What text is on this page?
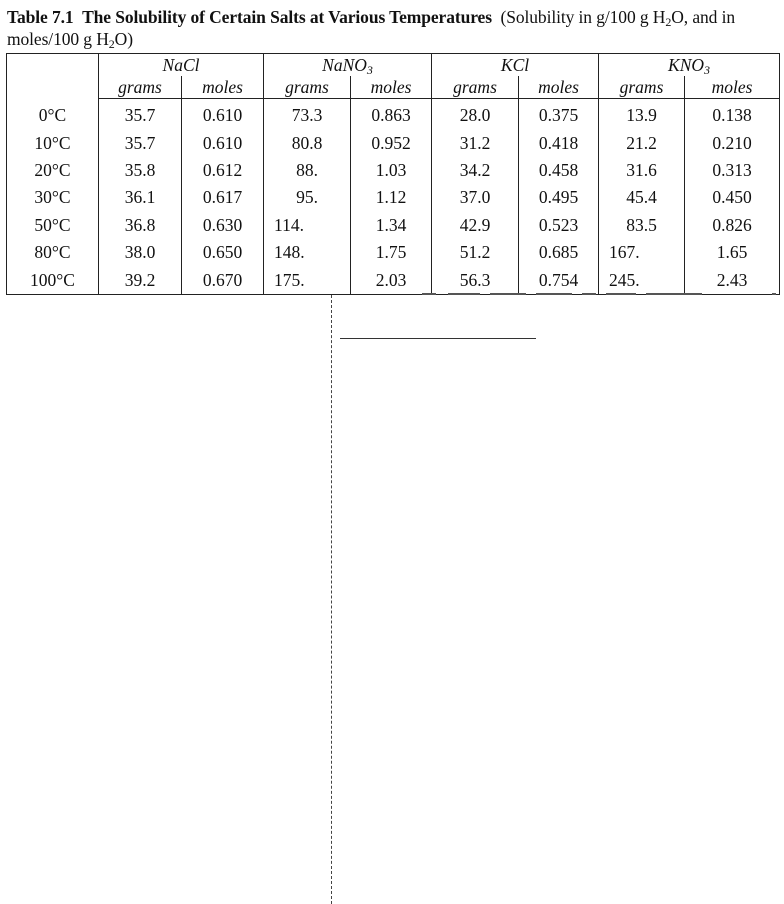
Table 7.1 The Solubility of Certain Salts at Various Temperatures (Solubility in g/100 g $H_2O$, and in moles/100 g $H_2O$)
	NaCl		NaNO$_3$		KCl		$KNO_3$
	grams	moles	grams	moles	grams	moles	grams	moles
0°C	35.7	0.610	73.3	0.863	28.0	0.375	13.9	0.138
10°C	35.7	0.610	80.8	0.952	31.2	0.418	21.2	0.210
20°C	35.8	0.612	88.	1.03	34.2	0.458	31.6	0.313
30°C	36.1	0.617	95.	1.12	37.0	0.495	45.4	0.450
50°C	36.8	0.630	114.	1.34	42.9	0.523	83.5	0.826
80°C	38.0	0.650	148.	1.75	51.2	0.685	167.	1.65
100°C	39.2	0.670	175.	2.03	56.3	0.754	245.	2.43
